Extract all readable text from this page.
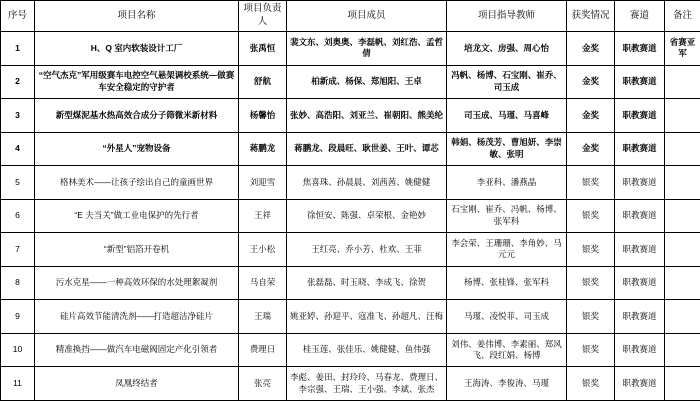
序号	项目名称	项目负责人	项目成员	项目指导教师	获奖情况	赛道	备注
1	H、Q 室内软装设计工厂	张禹恒	裴文东、刘奥奥、李磊帆、刘红浩、孟哲倩	培龙文、房强、周心怡	金奖	职教赛道	省赛亚军
2	“空气杰克”军用级赛车电控空气悬架调校系统—做赛车安全稳定的守护者	舒航	柏新成、杨保、郑旭阳、王卓	冯帆、杨博、石宝刚、崔乔、司玉成	金奖	职教赛道	
3	新型煤泥基水热高效合成分子筛微米新材料	杨馨怡	张妙、高浩阳、刘亚兰、崔朝阳、熊美纶	司玉成、马瑾、马喜峰	金奖	职教赛道	
4	“外星人”宠物设备	蒋鹏龙	蒋鹏龙、段晨旺、耿世姜、王叶、谭芯	韩娟、杨茂芳、曹旭妍、李崇敏、张明	金奖	职教赛道	
5	格林美术——让孩子绘出自己的童画世界	刘迎雪	焦喜珠、孙晨晨、刘茜茜、姚健健	李亚科、潘燕晶	银奖	职教赛道	
6	“E 夫当关”做工业电保护的先行者	王祥	徐恒安、陈强、卓荣根、金艳妙	石宝刚、崔乔、冯帆、杨博、张军科	银奖	职教赛道	
7	“新型”铝箔开卷机	王小松	王红亮、乔小芳、杜欢、王菲	李会荣、王珊珊、李角妙、马元元	银奖	职教赛道	
8	污水克星——一种高效环保的水处理絮凝剂	马自荣	张磊磊、时玉晓、李成飞、徐贺	杨博、张桂锋、张军科	银奖	职教赛道	
9	硅片高效节能清洗剂——打造超洁净硅片	王瑞	姚亚婷、孙迎平、寇准飞、孙超凡、汪梅	马瑾、凌悦菲、司玉成	银奖	职教赛道	
10	精准换挡——做汽车电磁阀固定产化引领者	费理日	桂玉莲、张佳乐、姚健健、鱼伟强	刘伟、姜伟博、李素丽、郑风飞、段红娟、杨博	银奖	职教赛道	
11	凤凰终结者	张亮	李彪、姜田、封玲玲、马春龙、费理日、李宗强、王瑞、王小强、李斌、张杰	王海涛、李俊涛、马瑾	银奖	职教赛道	
